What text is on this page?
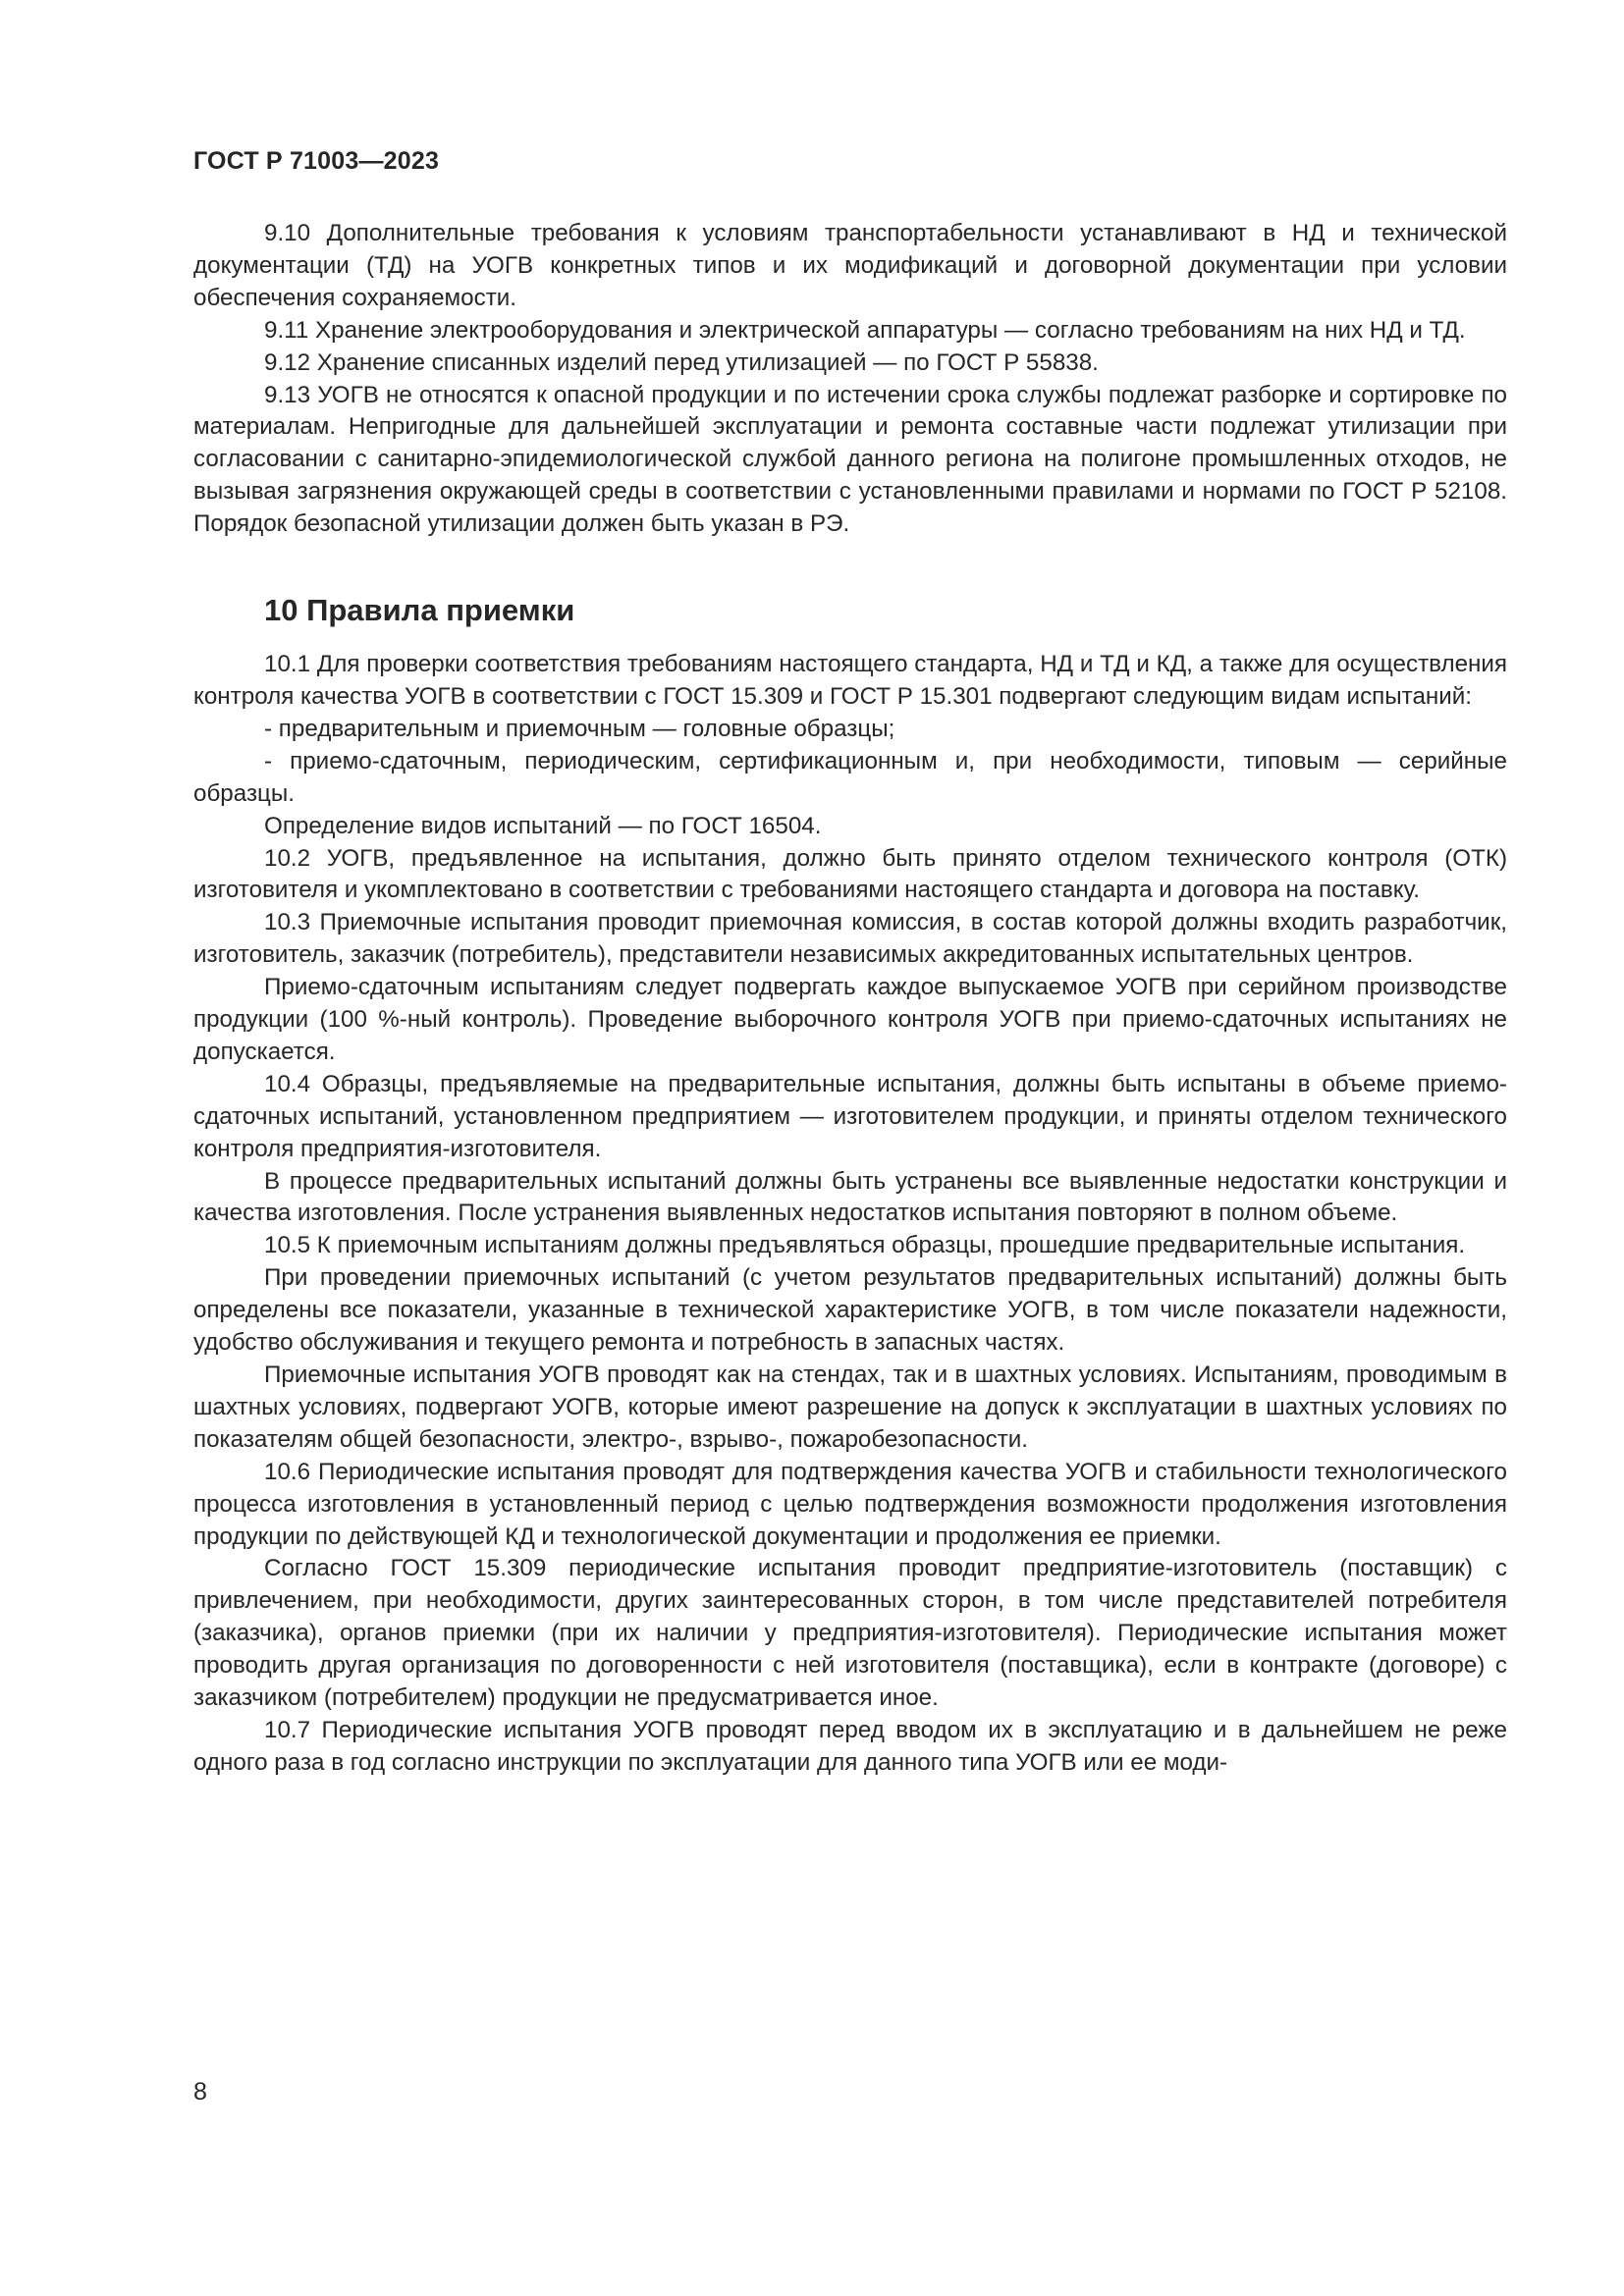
ГОСТ Р 71003—2023

9.10 Дополнительные требования к условиям транспортабельности устанавливают в НД и технической документации (ТД) на УОГВ конкретных типов и их модификаций и договорной документации при условии обеспечения сохраняемости.

9.11 Хранение электрооборудования и электрической аппаратуры — согласно требованиям на них НД и ТД.

9.12 Хранение списанных изделий перед утилизацией — по ГОСТ Р 55838.

9.13 УОГВ не относятся к опасной продукции и по истечении срока службы подлежат разборке и сортировке по материалам. Непригодные для дальнейшей эксплуатации и ремонта составные части подлежат утилизации при согласовании с санитарно-эпидемиологической службой данного региона на полигоне промышленных отходов, не вызывая загрязнения окружающей среды в соответствии с установленными правилами и нормами по ГОСТ Р 52108. Порядок безопасной утилизации должен быть указан в РЭ.

10 Правила приемки

10.1 Для проверки соответствия требованиям настоящего стандарта, НД и ТД и КД, а также для осуществления контроля качества УОГВ в соответствии с ГОСТ 15.309 и ГОСТ Р 15.301 подвергают следующим видам испытаний:

- предварительным и приемочным — головные образцы;

- приемо-сдаточным, периодическим, сертификационным и, при необходимости, типовым — серийные образцы.

Определение видов испытаний — по ГОСТ 16504.

10.2 УОГВ, предъявленное на испытания, должно быть принято отделом технического контроля (ОТК) изготовителя и укомплектовано в соответствии с требованиями настоящего стандарта и договора на поставку.

10.3 Приемочные испытания проводит приемочная комиссия, в состав которой должны входить разработчик, изготовитель, заказчик (потребитель), представители независимых аккредитованных испытательных центров.

Приемо-сдаточным испытаниям следует подвергать каждое выпускаемое УОГВ при серийном производстве продукции (100 %-ный контроль). Проведение выборочного контроля УОГВ при приемо-сдаточных испытаниях не допускается.

10.4 Образцы, предъявляемые на предварительные испытания, должны быть испытаны в объеме приемо-сдаточных испытаний, установленном предприятием — изготовителем продукции, и приняты отделом технического контроля предприятия-изготовителя.

В процессе предварительных испытаний должны быть устранены все выявленные недостатки конструкции и качества изготовления. После устранения выявленных недостатков испытания повторяют в полном объеме.

10.5 К приемочным испытаниям должны предъявляться образцы, прошедшие предварительные испытания.

При проведении приемочных испытаний (с учетом результатов предварительных испытаний) должны быть определены все показатели, указанные в технической характеристике УОГВ, в том числе показатели надежности, удобство обслуживания и текущего ремонта и потребность в запасных частях.

Приемочные испытания УОГВ проводят как на стендах, так и в шахтных условиях. Испытаниям, проводимым в шахтных условиях, подвергают УОГВ, которые имеют разрешение на допуск к эксплуатации в шахтных условиях по показателям общей безопасности, электро-, взрыво-, пожаробезопасности.

10.6 Периодические испытания проводят для подтверждения качества УОГВ и стабильности технологического процесса изготовления в установленный период с целью подтверждения возможности продолжения изготовления продукции по действующей КД и технологической документации и продолжения ее приемки.

Согласно ГОСТ 15.309 периодические испытания проводит предприятие-изготовитель (поставщик) с привлечением, при необходимости, других заинтересованных сторон, в том числе представителей потребителя (заказчика), органов приемки (при их наличии у предприятия-изготовителя). Периодические испытания может проводить другая организация по договоренности с ней изготовителя (поставщика), если в контракте (договоре) с заказчиком (потребителем) продукции не предусматривается иное.

10.7 Периодические испытания УОГВ проводят перед вводом их в эксплуатацию и в дальнейшем не реже одного раза в год согласно инструкции по эксплуатации для данного типа УОГВ или ее моди-

8
